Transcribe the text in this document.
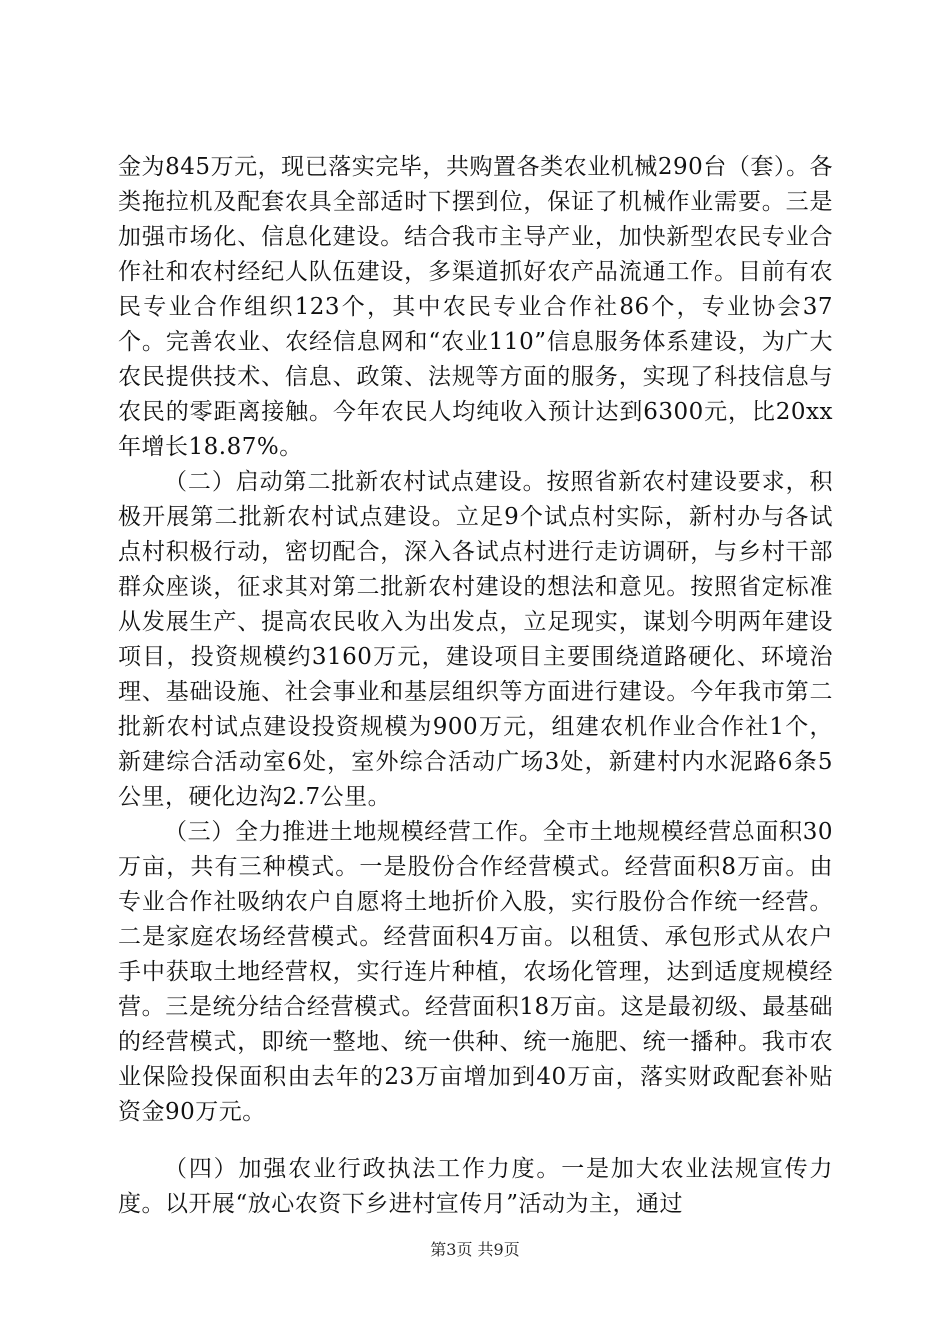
金为845万元，现已落实完毕，共购置各类农业机械290台（套）。各类拖拉机及配套农具全部适时下摆到位，保证了机械作业需要。三是加强市场化、信息化建设。结合我市主导产业，加快新型农民专业合作社和农村经纪人队伍建设，多渠道抓好农产品流通工作。目前有农民专业合作组织123个，其中农民专业合作社86个，专业协会37个。完善农业、农经信息网和“农业110”信息服务体系建设，为广大农民提供技术、信息、政策、法规等方面的服务，实现了科技信息与农民的零距离接触。今年农民人均纯收入预计达到6300元，比20xx年增长18.87%。

（二）启动第二批新农村试点建设。按照省新农村建设要求，积极开展第二批新农村试点建设。立足9个试点村实际，新村办与各试点村积极行动，密切配合，深入各试点村进行走访调研，与乡村干部群众座谈，征求其对第二批新农村建设的想法和意见。按照省定标准从发展生产、提高农民收入为出发点，立足现实，谋划今明两年建设项目，投资规模约3160万元，建设项目主要围绕道路硬化、环境治理、基础设施、社会事业和基层组织等方面进行建设。今年我市第二批新农村试点建设投资规模为900万元，组建农机作业合作社1个，新建综合活动室6处，室外综合活动广场3处，新建村内水泥路6条5公里，硬化边沟2.7公里。

（三）全力推进土地规模经营工作。全市土地规模经营总面积30万亩，共有三种模式。一是股份合作经营模式。经营面积8万亩。由专业合作社吸纳农户自愿将土地折价入股，实行股份合作统一经营。二是家庭农场经营模式。经营面积4万亩。以租赁、承包形式从农户手中获取土地经营权，实行连片种植，农场化管理，达到适度规模经营。三是统分结合经营模式。经营面积18万亩。这是最初级、最基础的经营模式，即统一整地、统一供种、统一施肥、统一播种。我市农业保险投保面积由去年的23万亩增加到40万亩，落实财政配套补贴资金90万元。

（四）加强农业行政执法工作力度。一是加大农业法规宣传力度。以开展“放心农资下乡进村宣传月”活动为主，通过

第3页 共9页
